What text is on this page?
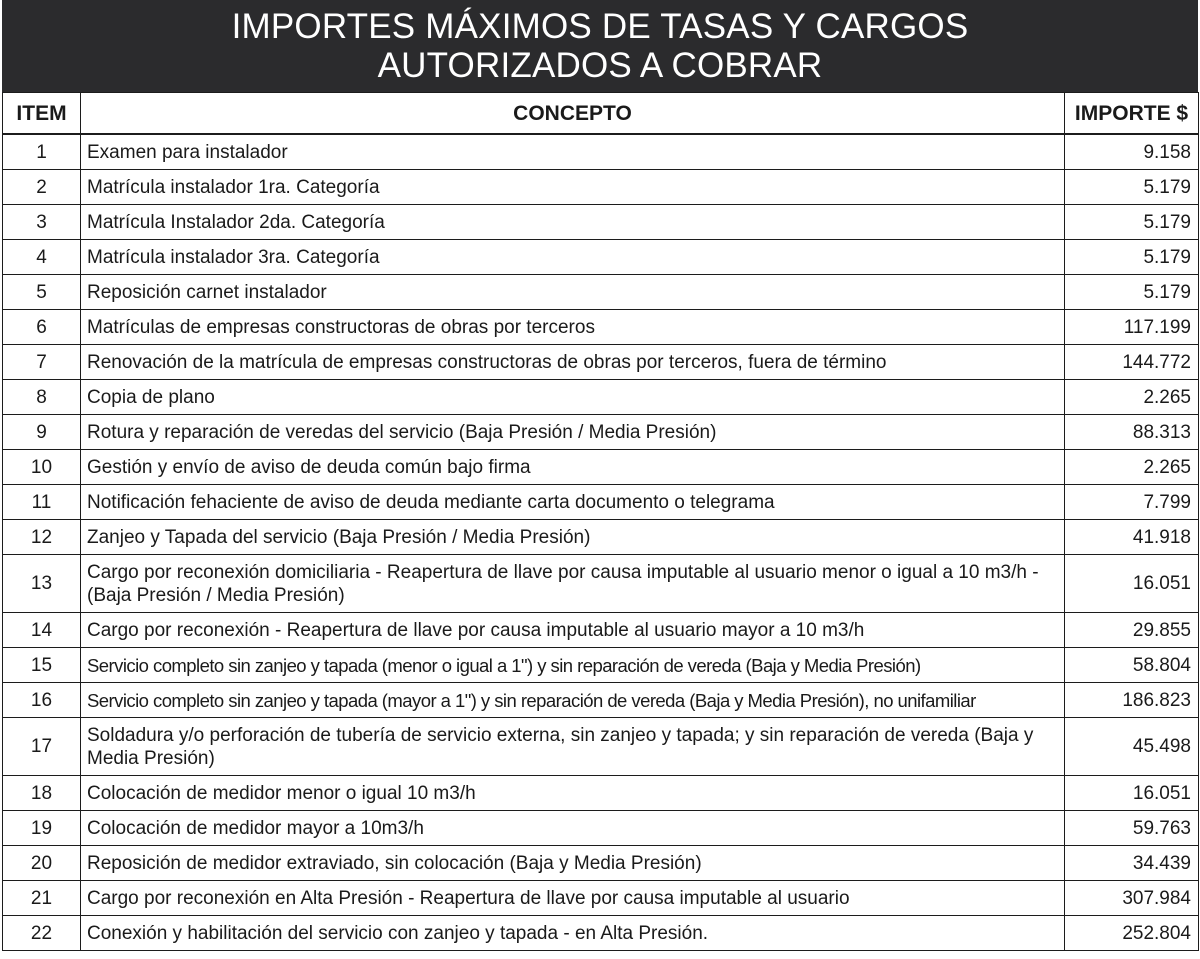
IMPORTES MÁXIMOS DE TASAS Y CARGOS
AUTORIZADOS A COBRAR
ITEM	CONCEPTO	IMPORTE $
1	Examen para instalador	9.158
2	Matrícula instalador 1ra. Categoría	5.179
3	Matrícula Instalador 2da. Categoría	5.179
4	Matrícula instalador 3ra. Categoría	5.179
5	Reposición carnet instalador	5.179
6	Matrículas de empresas constructoras de obras por terceros	117.199
7	Renovación de la matrícula de empresas constructoras de obras por terceros, fuera de término	144.772
8	Copia de plano	2.265
9	Rotura y reparación de veredas del servicio (Baja Presión / Media Presión)	88.313
10	Gestión y envío de aviso de deuda común bajo firma	2.265
11	Notificación fehaciente de aviso de deuda mediante carta documento o telegrama	7.799
12	Zanjeo y Tapada del servicio (Baja Presión / Media Presión)	41.918
13	Cargo por reconexión domiciliaria - Reapertura de llave por causa imputable al usuario menor o igual a 10 m3/h - (Baja Presión / Media Presión)	16.051
14	Cargo por reconexión - Reapertura de llave por causa imputable al usuario mayor a 10 m3/h	29.855
15	Servicio completo sin zanjeo y tapada (menor o igual a 1") y sin reparación de vereda (Baja y Media Presión)	58.804
16	Servicio completo sin zanjeo y tapada (mayor a 1") y sin reparación de vereda (Baja y Media Presión), no unifamiliar	186.823
17	Soldadura y/o perforación de tubería de servicio externa, sin zanjeo y tapada; y sin reparación de vereda (Baja y Media Presión)	45.498
18	Colocación de medidor menor o igual 10 m3/h	16.051
19	Colocación de medidor mayor a 10m3/h	59.763
20	Reposición de medidor extraviado, sin colocación (Baja y Media Presión)	34.439
21	Cargo por reconexión en Alta Presión - Reapertura de llave por causa imputable al usuario	307.984
22	Conexión y habilitación del servicio con zanjeo y tapada - en Alta Presión.	252.804
